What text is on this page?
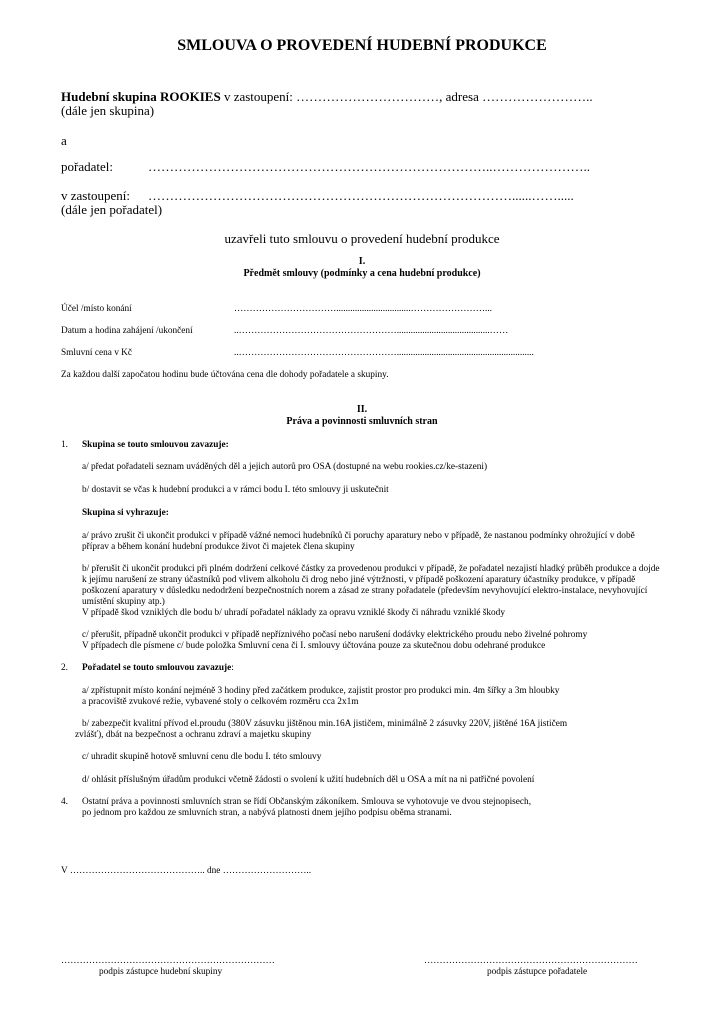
SMLOUVA O PROVEDENÍ HUDEBNÍ PRODUKCE
Hudební skupina ROOKIES v zastoupení: ……………………………, adresa ……………………..
(dále jen skupina)
a
pořadatel:	……………………………………………………………………..…………………..
v zastoupení: …………………………………………………………………………......…….....
(dále jen pořadatel)
uzavřeli tuto smlouvu o provedení hudební produkce
I.
Předmět smlouvy (podmínky a cena hudební produkce)
Účel /místo konání	……………………………................................……………………...
Datum a hodina zahájení /ukončení	..……………………………………………........................................……
Smluvní cena v Kč	..……………………………………………...........................................................
Za každou další započatou hodinu bude účtována cena dle dohody pořadatele a skupiny.
II.
Práva a povinnosti smluvních stran
1. Skupina se touto smlouvou zavazuje:
a/ předat pořadateli seznam uváděných děl a jejich autorů pro OSA (dostupné na webu rookies.cz/ke-stazeni)
b/ dostavit se včas k hudební produkci a v rámci bodu I. této smlouvy ji uskutečnit
Skupina si vyhrazuje:
a/ právo zrušit či ukončit produkci v případě vážné nemoci hudebníků či poruchy aparatury nebo v případě, že nastanou podmínky ohrožující v době
příprav a během konání hudební produkce život či majetek člena skupiny
b/ přerušit či ukončit produkci při plném dodržení celkové částky za provedenou produkci v případě, že pořadatel nezajistí hladký průběh produkce a dojde
k jejímu narušení ze strany účastníků pod vlivem alkoholu či drog nebo jiné výtržnosti, v případě poškození aparatury účastníky produkce, v případě
poškození aparatury v důsledku nedodržení bezpečnostních norem a zásad ze strany pořadatele (především nevyhovující elektro-instalace, nevyhovující
umístění skupiny atp.)
V případě škod vzniklých dle bodu b/ uhradí pořadatel náklady za opravu vzniklé škody či náhradu vzniklé škody
c/ přerušit, případně ukončit produkci v případě nepříznivého počasí nebo narušení dodávky elektrického proudu nebo živelné pohromy
V případech dle písmene c/ bude položka Smluvní cena či I. smlouvy účtována pouze za skutečnou dobu odehrané produkce
2. Pořadatel se touto smlouvou zavazuje:
a/ zpřístupnit místo konání nejméně 3 hodiny před začátkem produkce, zajistit prostor pro produkci min. 4m šířky a 3m hloubky
a pracoviště zvukové režie, vybavené stoly o celkovém rozměru cca 2x1m
b/ zabezpečit kvalitní přívod el.proudu (380V zásuvku jištěnou min.16A jističem, minimálně 2 zásuvky 220V, jištěné 16A jističem
zvlášť), dbát na bezpečnost a ochranu zdraví a majetku skupiny
c/ uhradit skupině hotově smluvní cenu dle bodu I. této smlouvy
d/ ohlásit příslušným úřadům produkci včetně žádosti o svolení k užití hudebních děl u OSA a mít na ni patřičné povolení
4. Ostatní práva a povinnosti smluvních stran se řídí Občanským zákoníkem. Smlouva se vyhotovuje ve dvou stejnopisech,
po jednom pro každou ze smluvních stran, a nabývá platnosti dnem jejího podpisu oběma stranami.
V …………………………………….. dne ………………………..
……………………………………………………………
podpis zástupce hudební skupiny
……………………………………………………………
podpis zástupce pořadatele
